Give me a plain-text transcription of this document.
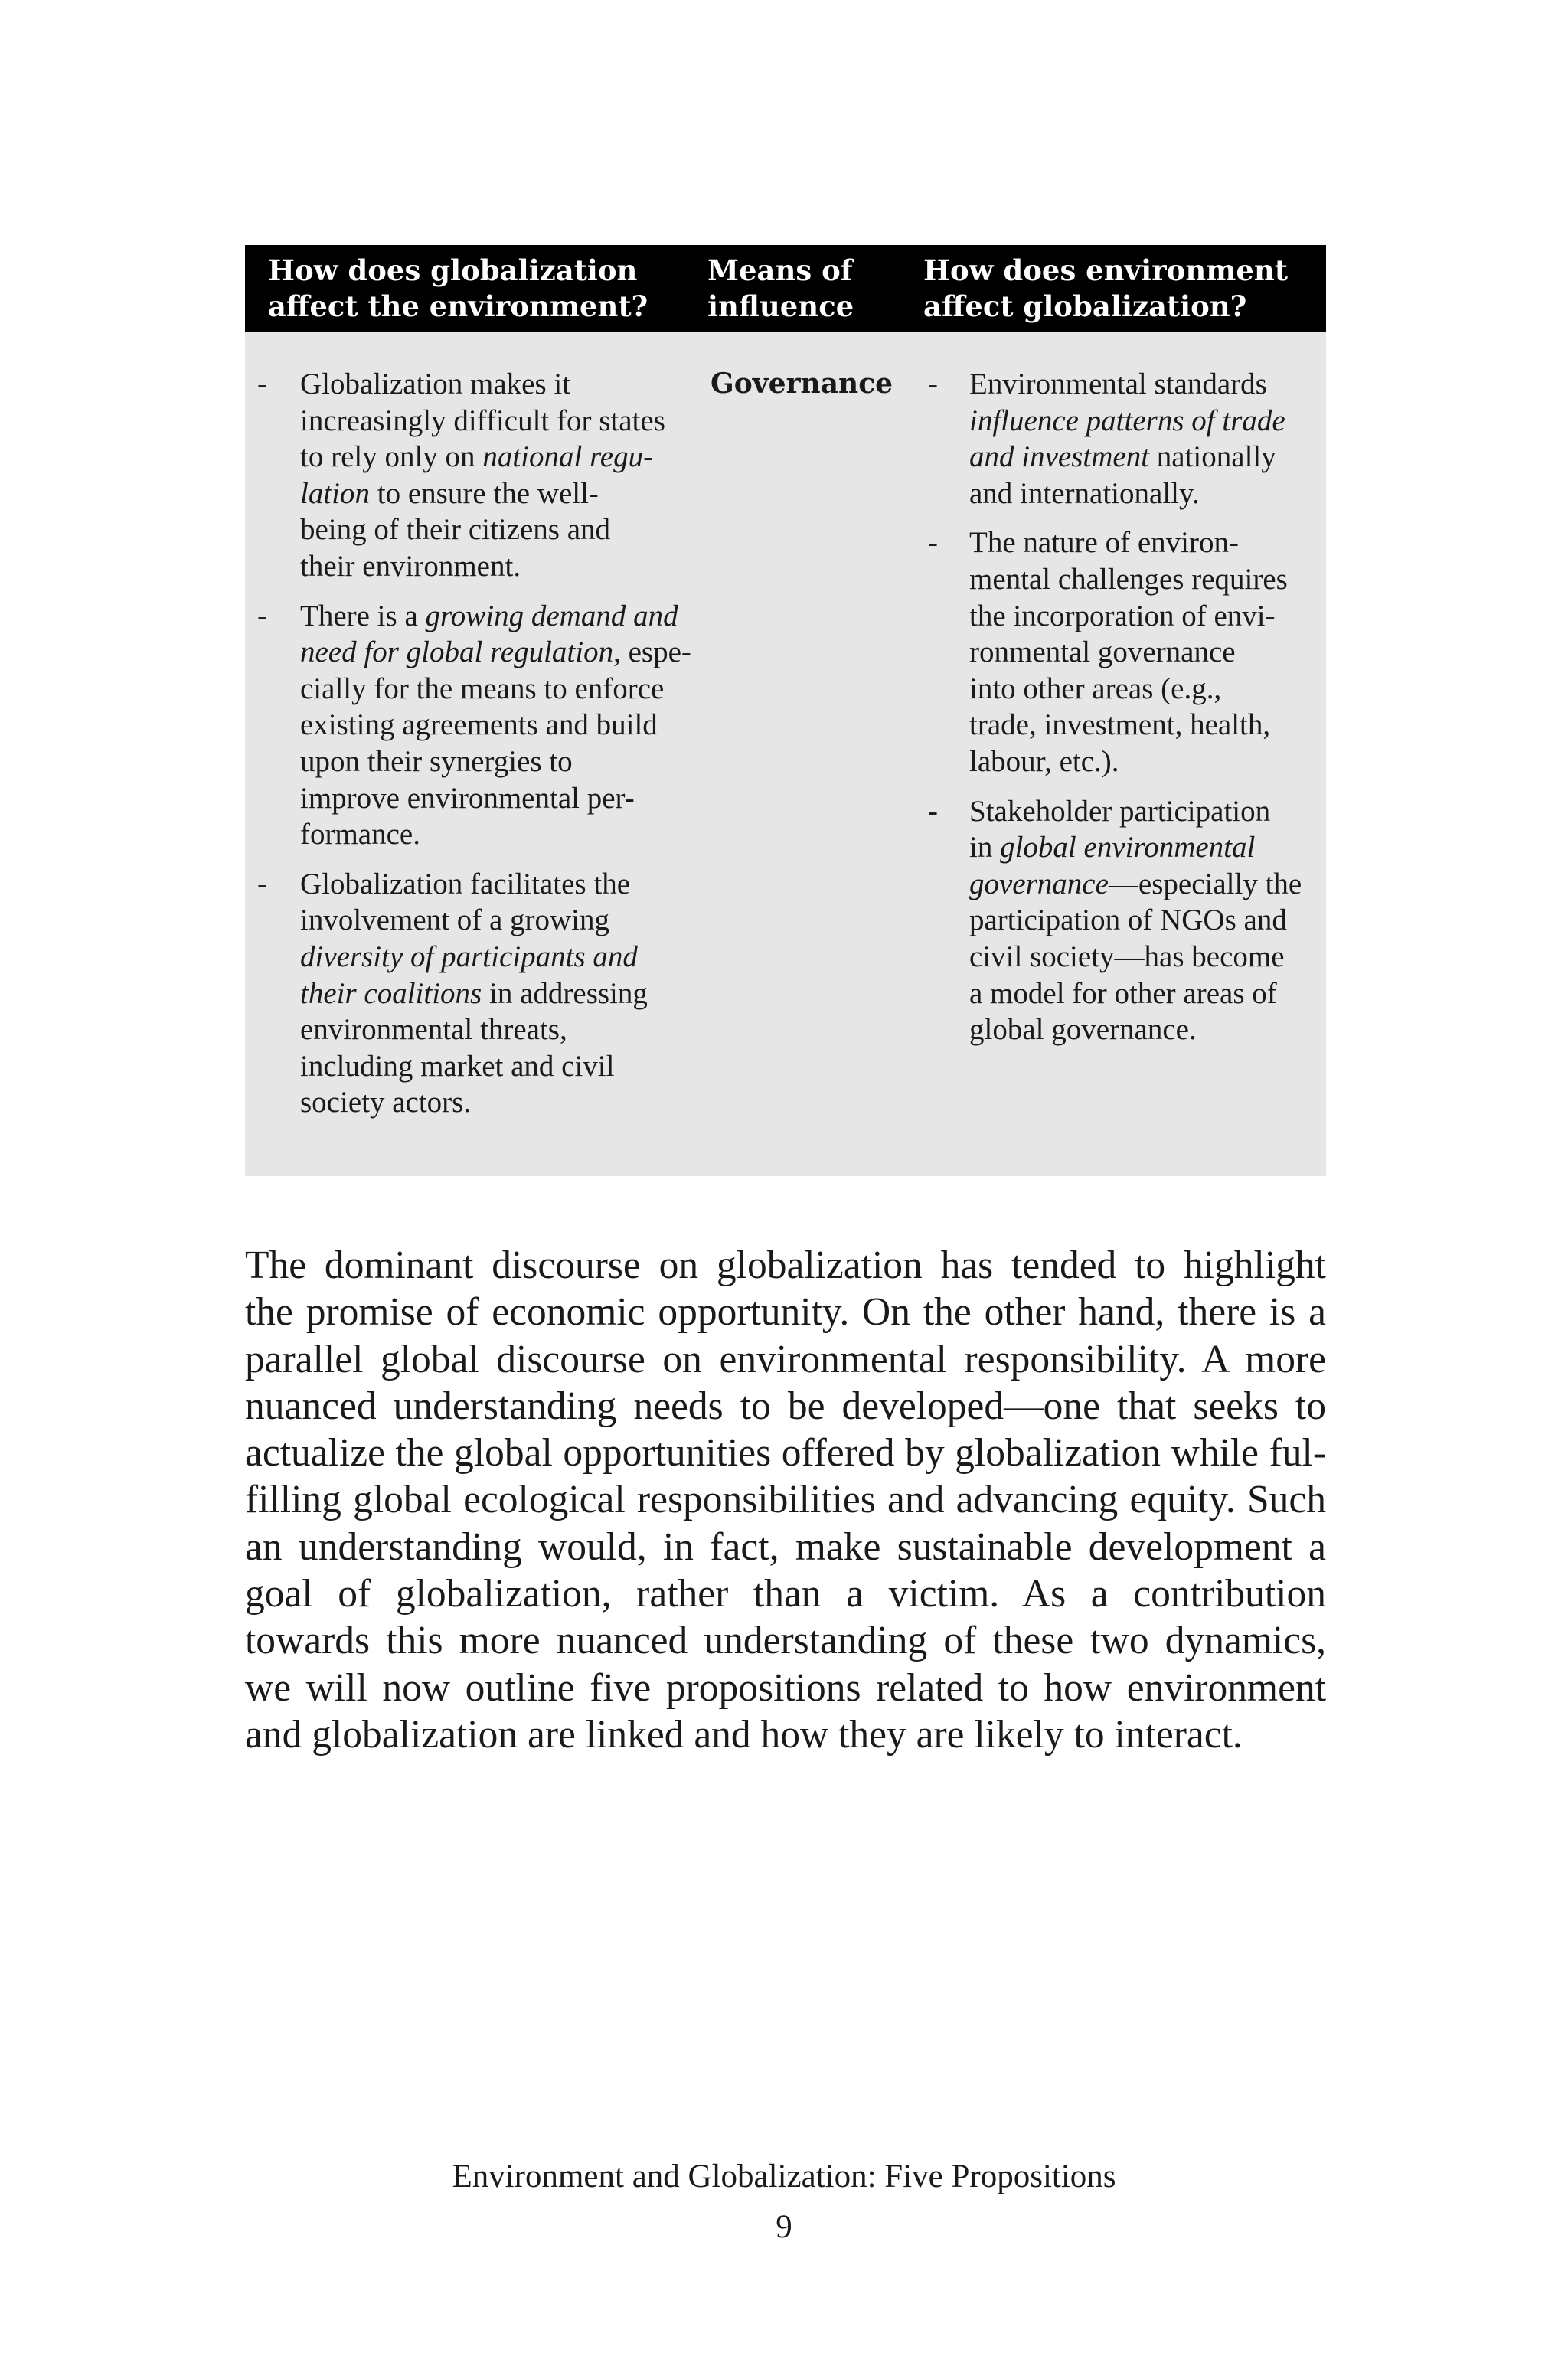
How does globalization
affect the environment?
Means of
influence
How does environment
affect globalization?
- Globalization makes it
increasingly difficult for states
to rely only on national regu-
lation to ensure the well-
being of their citizens and
their environment.
- There is a growing demand and
need for global regulation, espe-
cially for the means to enforce
existing agreements and build
upon their synergies to
improve environmental per-
formance.
- Globalization facilitates the
involvement of a growing
diversity of participants and
their coalitions in addressing
environmental threats,
including market and civil
society actors.
Governance	- Environmental standards
influence patterns of trade
and investment nationally
and internationally.
- The nature of environ-
mental challenges requires
the incorporation of envi-
ronmental governance
into other areas (e.g.,
trade, investment, health,
labour, etc.).
- Stakeholder participation
in global environmental
governance—especially the
participation of NGOs and
civil society—has become
a model for other areas of
global governance.
The dominant discourse on globalization has tended to highlight
the promise of economic opportunity. On the other hand, there is a
parallel global discourse on environmental responsibility. A more
nuanced understanding needs to be developed—one that seeks to
actualize the global opportunities offered by globalization while ful-
filling global ecological responsibilities and advancing equity. Such
an understanding would, in fact, make sustainable development a
goal of globalization, rather than a victim. As a contribution
towards this more nuanced understanding of these two dynamics,
we will now outline five propositions related to how environment
and globalization are linked and how they are likely to interact.
Environment and Globalization: Five Propositions
9
